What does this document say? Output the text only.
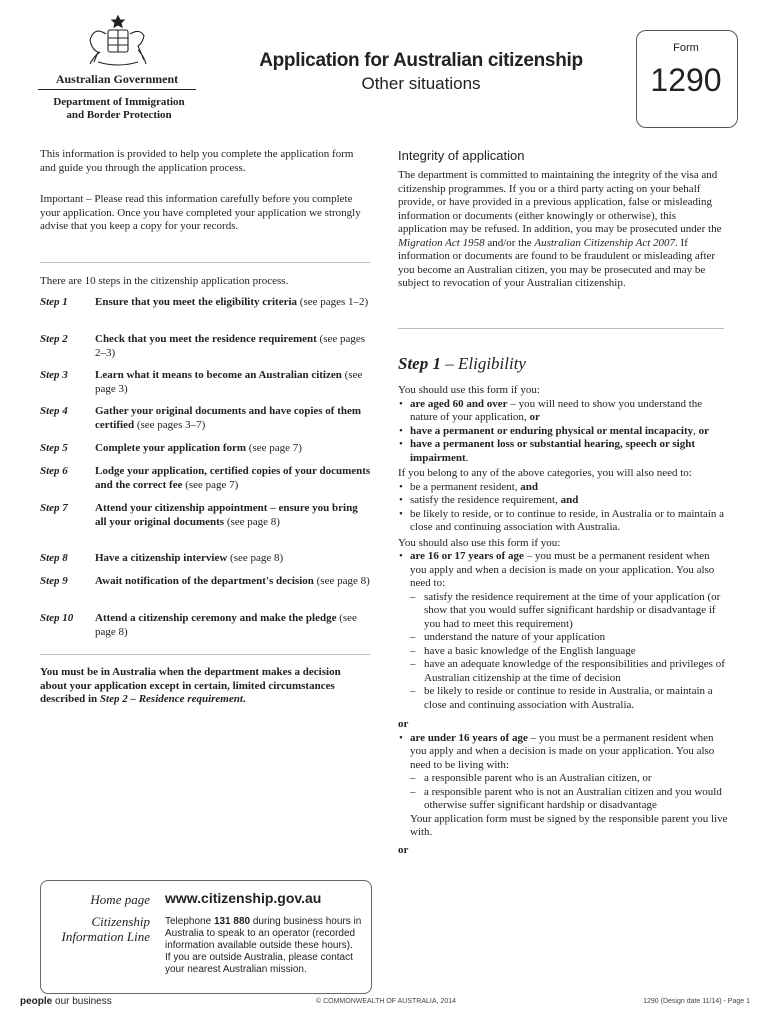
Australian Government
Department of Immigration
and Border Protection
Application for Australian citizenship
Other situations
Form
1290
This information is provided to help you complete the application form and guide you through the application process.
Important – Please read this information carefully before you complete your application. Once you have completed your application we strongly advise that you keep a copy for your records.
There are 10 steps in the citizenship application process.
Step 1 Ensure that you meet the eligibility criteria (see pages 1–2)
Step 2 Check that you meet the residence requirement (see pages 2–3)
Step 3 Learn what it means to become an Australian citizen (see page 3)
Step 4 Gather your original documents and have copies of them certified (see pages 3–7)
Step 5 Complete your application form (see page 7)
Step 6 Lodge your application, certified copies of your documents and the correct fee (see page 7)
Step 7 Attend your citizenship appointment – ensure you bring all your original documents (see page 8)
Step 8 Have a citizenship interview (see page 8)
Step 9 Await notification of the department's decision (see page 8)
Step 10 Attend a citizenship ceremony and make the pledge (see page 8)
You must be in Australia when the department makes a decision about your application except in certain, limited circumstances described in Step 2 – Residence requirement.
Home page www.citizenship.gov.au
Citizenship
Information Line
Telephone 131 880 during business hours in Australia to speak to an operator (recorded information available outside these hours).
If you are outside Australia, please contact your nearest Australian mission.
people our business	© COMMONWEALTH OF AUSTRALIA, 2014	1290 (Design date 11/14) - Page 1
Integrity of application
The department is committed to maintaining the integrity of the visa and citizenship programmes. If you or a third party acting on your behalf provide, or have provided in a previous application, false or misleading information or documents (either knowingly or otherwise), this application may be refused. In addition, you may be prosecuted under the Migration Act 1958 and/or the Australian Citizenship Act 2007. If information or documents are found to be fraudulent or misleading after you become an Australian citizen, you may be prosecuted and may be subject to revocation of your Australian citizenship.
Step 1 – Eligibility
You should use this form if you:
• are aged 60 and over – you will need to show you understand the nature of your application, or
• have a permanent or enduring physical or mental incapacity, or
• have a permanent loss or substantial hearing, speech or sight impairment.
If you belong to any of the above categories, you will also need to:
• be a permanent resident, and
• satisfy the residence requirement, and
• be likely to reside, or to continue to reside, in Australia or to maintain a close and continuing association with Australia.
You should also use this form if you:
• are 16 or 17 years of age – you must be a permanent resident when you apply and when a decision is made on your application. You also need to:
– satisfy the residence requirement at the time of your application (or show that you would suffer significant hardship or disadvantage if you had to meet this requirement)
– understand the nature of your application
– have a basic knowledge of the English language
– have an adequate knowledge of the responsibilities and privileges of Australian citizenship at the time of decision
– be likely to reside or continue to reside in Australia, or maintain a close and continuing association with Australia.
or
• are under 16 years of age – you must be a permanent resident when you apply and when a decision is made on your application. You also need to be living with:
– a responsible parent who is an Australian citizen, or
– a responsible parent who is not an Australian citizen and you would otherwise suffer significant hardship or disadvantage
Your application form must be signed by the responsible parent you live with.
or
